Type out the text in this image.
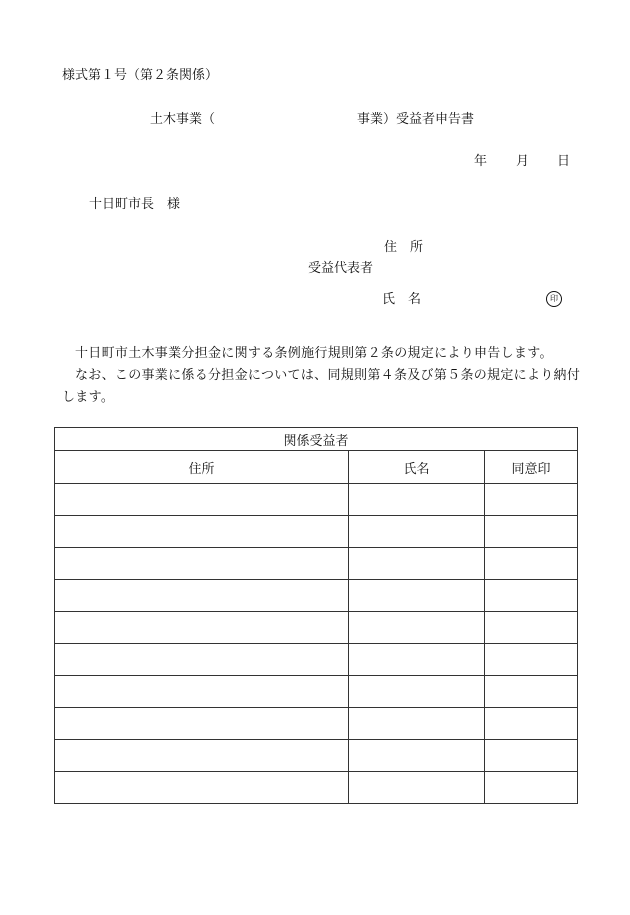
様式第１号（第２条関係）
土木事業（	事業）受益者申告書
年 月 日
十日町市長　様
住　所
受益代表者
氏　名	印

十日町市土木事業分担金に関する条例施行規則第２条の規定により申告します。

なお、この事業に係る分担金については、同規則第４条及び第５条の規定により納付します。

関係受益者		
住所	氏名	同意印
